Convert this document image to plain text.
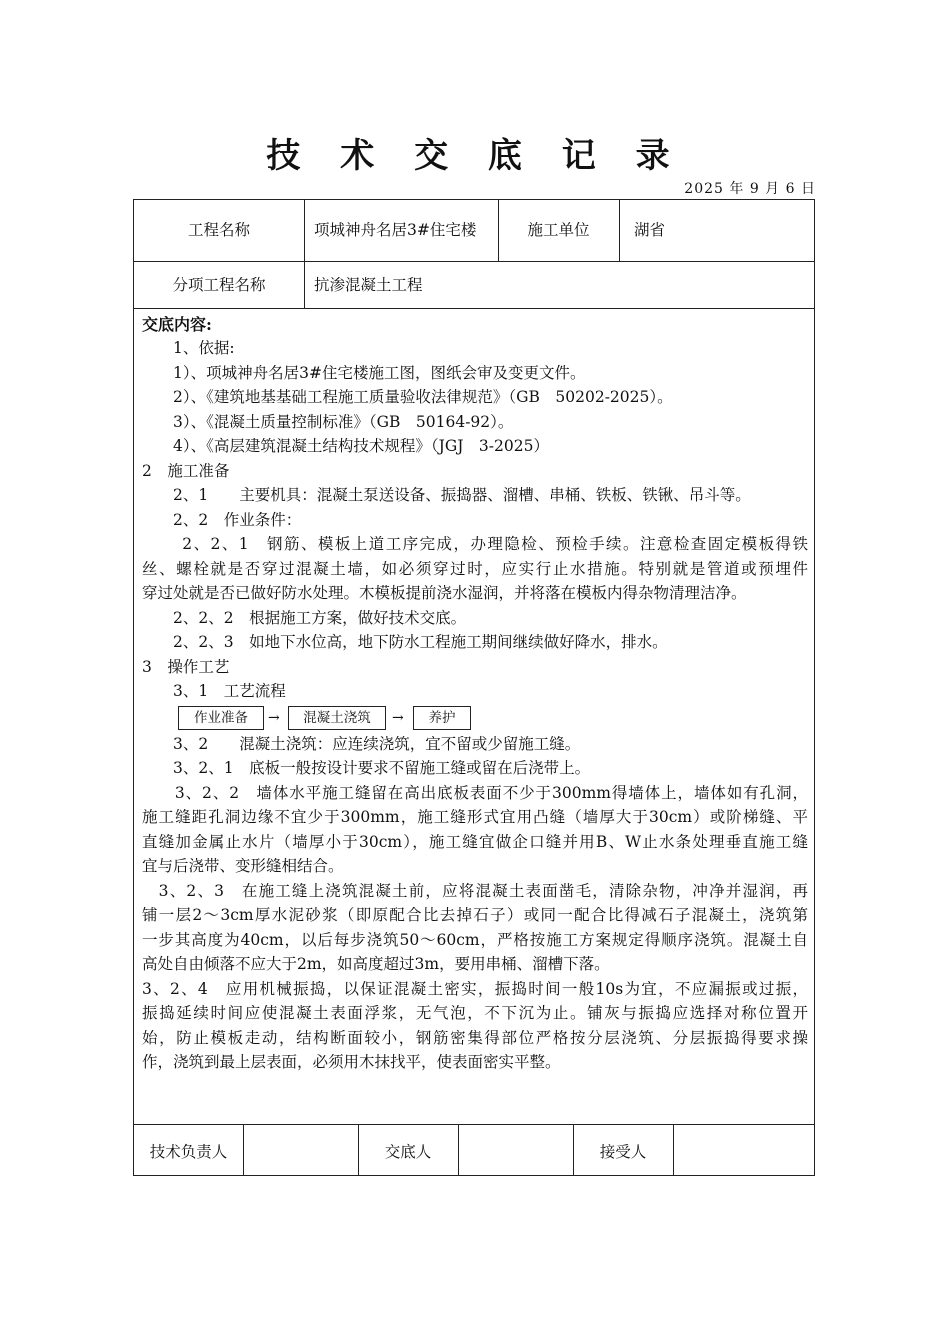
技 术 交 底 记 录
2025 年 9 月 6 日
工程名称	项城神舟名居3#住宅楼	施工单位	湖省
分项工程名称	抗渗混凝土工程
交底内容:
　　1、依据:
　　1）、项城神舟名居3#住宅楼施工图，图纸会审及变更文件。
　　2）、《建筑地基基础工程施工质量验收法律规范》（GB　50202-2025）。
　　3）、《混凝土质量控制标准》（GB　50164-92）。
　　4）、《高层建筑混凝土结构技术规程》（JGJ　3-2025）
2　施工准备
　　2、1　　主要机具：混凝土泵送设备、振捣器、溜槽、串桶、铁板、铁锹、吊斗等。
　　2、2　作业条件：
　　 2、2、1　钢筋、模板上道工序完成，办理隐检、预检手续。注意检查固定模板得铁
丝、螺栓就是否穿过混凝土墙，如必须穿过时，应实行止水措施。特别就是管道或预埋件
穿过处就是否已做好防水处理。木模板提前浇水湿润，并将落在模板内得杂物清理洁净。
　　2、2、2　根据施工方案，做好技术交底。
　　2、2、3　如地下水位高，地下防水工程施工期间继续做好降水，排水。
3　操作工艺
　　3、1　工艺流程
作业准备	→	混凝土浇筑	→	养护
　　3、2　　混凝土浇筑：应连续浇筑，宜不留或少留施工缝。
　　3、2、1　底板一般按设计要求不留施工缝或留在后浇带上。
　　3、2、2　墙体水平施工缝留在高出底板表面不少于300mm得墙体上，墙体如有孔洞，
施工缝距孔洞边缘不宜少于300mm，施工缝形式宜用凸缝（墙厚大于30cm）或阶梯缝、平
直缝加金属止水片（墙厚小于30cm），施工缝宜做企口缝并用B、W止水条处理垂直施工缝
宜与后浇带、变形缝相结合。
　3、2、3　在施工缝上浇筑混凝土前，应将混凝土表面凿毛，清除杂物，冲净并湿润，再
铺一层2～3cm厚水泥砂浆（即原配合比去掉石子）或同一配合比得减石子混凝土，浇筑第
一步其高度为40cm，以后每步浇筑50～60cm，严格按施工方案规定得顺序浇筑。混凝土自
高处自由倾落不应大于2m，如高度超过3m，要用串桶、溜槽下落。
3、2、4　应用机械振捣，以保证混凝土密实，振捣时间一般10s为宜，不应漏振或过振，
振捣延续时间应使混凝土表面浮浆，无气泡，不下沉为止。铺灰与振捣应选择对称位置开
始，防止模板走动，结构断面较小，钢筋密集得部位严格按分层浇筑、分层振捣得要求操
作，浇筑到最上层表面，必须用木抹找平，使表面密实平整。
技术负责人	交底人	接受人
